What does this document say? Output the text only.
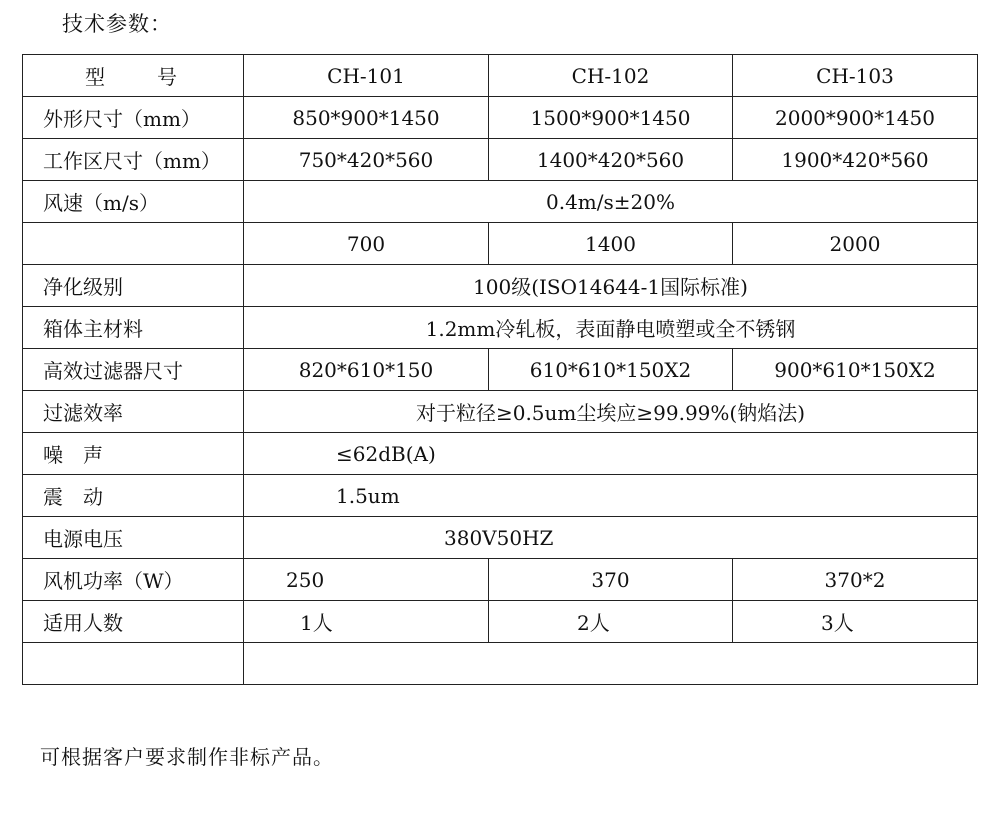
技术参数：
型　　号	CH-101	CH-102	CH-103
外形尺寸（mm）	850*900*1450	1500*900*1450	2000*900*1450
工作区尺寸（mm）	750*420*560	1400*420*560	1900*420*560
风速（m/s）	0.4m/s±20%		
	700	1400	2000
净化级别	100级(ISO14644-1国际标准)		
箱体主材料	1.2mm冷轧板，表面静电喷塑或全不锈钢		
高效过滤器尺寸	820*610*150	610*610*150X2	900*610*150X2
过滤效率	对于粒径≥0.5um尘埃应≥99.99%(钠焰法)		
噪　声	≤62dB(A)		
震　动	1.5um		
电源电压	380V50HZ		
风机功率（W）	250	370	370*2
适用人数	1人	2人	3人

可根据客户要求制作非标产品。
